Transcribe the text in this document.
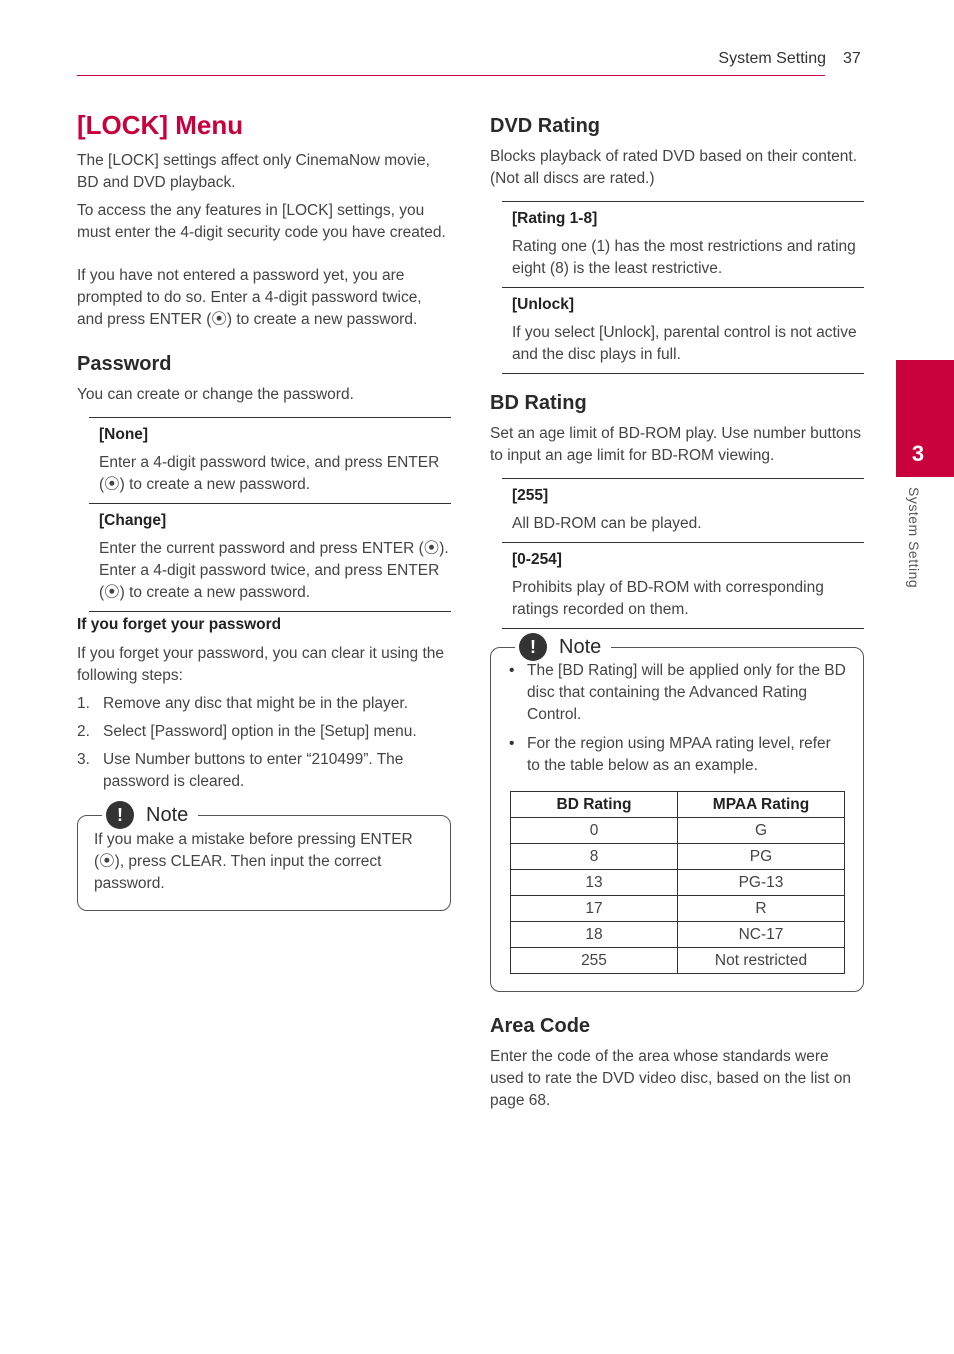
System Setting 37
3
System Setting
[LOCK] Menu

The [LOCK] settings affect only CinemaNow movie, BD and DVD playback.

To access the any features in [LOCK] settings, you must enter the 4-digit security code you have created.

If you have not entered a password yet, you are prompted to do so. Enter a 4-digit password twice, and press ENTER (⦿) to create a new password.

Password

You can create or change the password.

[None]
Enter a 4-digit password twice, and press ENTER (⦿) to create a new password.
[Change]
Enter the current password and press ENTER (⦿). Enter a 4-digit password twice, and press ENTER (⦿) to create a new password.

If you forget your password

If you forget your password, you can clear it using the following steps:

1. Remove any disc that might be in the player.
2. Select [Password] option in the [Setup] menu.
3. Use Number buttons to enter “210499”. The password is cleared.
!	Note
If you make a mistake before pressing ENTER (⦿), press CLEAR. Then input the correct password.
DVD Rating

Blocks playback of rated DVD based on their content. (Not all discs are rated.)

[Rating 1-8]
Rating one (1) has the most restrictions and rating eight (8) is the least restrictive.
[Unlock]
If you select [Unlock], parental control is not active and the disc plays in full.
BD Rating

Set an age limit of BD-ROM play. Use number buttons to input an age limit for BD-ROM viewing.

[255]
All BD-ROM can be played.
[0-254]
Prohibits play of BD-ROM with corresponding ratings recorded on them.
!	Note
• The [BD Rating] will be applied only for the BD disc that containing the Advanced Rating Control.
• For the region using MPAA rating level, refer to the table below as an example.
BD Rating	MPAA Rating
0	G
8	PG
13	PG-13
17	R
18	NC-17
255	Not restricted
Area Code

Enter the code of the area whose standards were used to rate the DVD video disc, based on the list on page 68.
